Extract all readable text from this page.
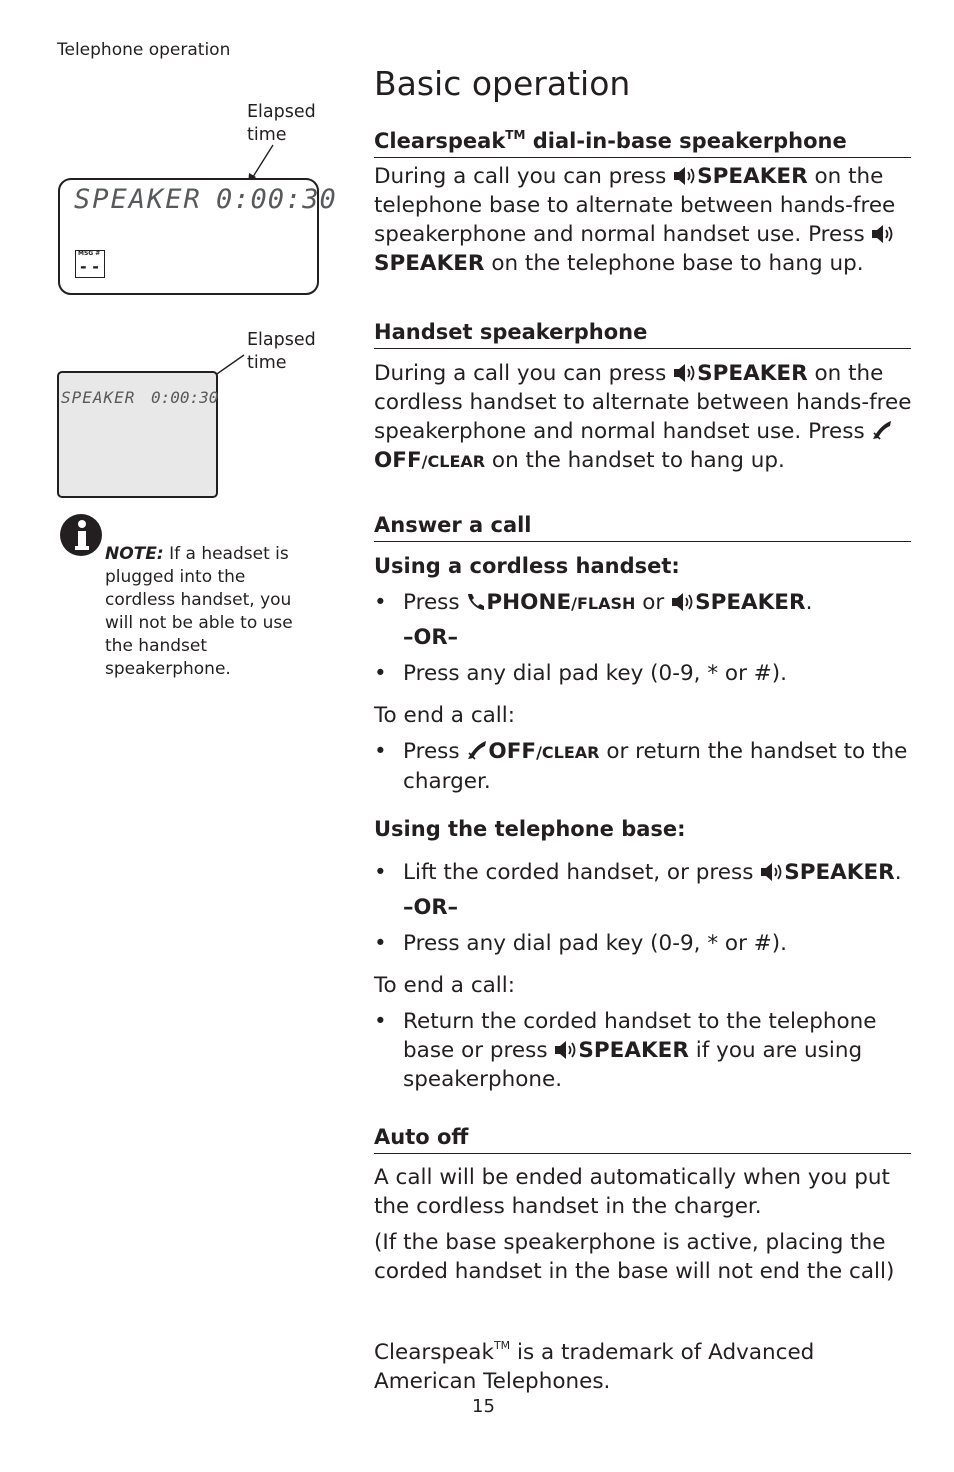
Telephone operation
Basic operation
Elapsed
time
SPEAKER 0:00:30
MSG #
- -
Elapsed
time
SPEAKER 0:00:30
NOTE: If a headset is plugged into the cordless handset, you will not be able to use the handset speakerphone.
Clearspeak™ dial-in-base speakerphone

During a call you can press SPEAKER on the telephone base to alternate between hands-free speakerphone and normal handset use. Press SPEAKER on the telephone base to hang up.

Handset speakerphone

During a call you can press SPEAKER on the cordless handset to alternate between hands-free speakerphone and normal handset use. Press OFF/CLEAR on the handset to hang up.

Answer a call
Using a cordless handset:
• Press PHONE/FLASH or SPEAKER.
–OR–
• Press any dial pad key (0-9, * or #).
To end a call:
• Press OFF/CLEAR or return the handset to the charger.
Using the telephone base:
• Lift the corded handset, or press SPEAKER.
–OR–
• Press any dial pad key (0-9, * or #).
To end a call:
• Return the corded handset to the telephone base or press SPEAKER if you are using speakerphone.
Auto off

A call will be ended automatically when you put the cordless handset in the charger.

(If the base speakerphone is active, placing the corded handset in the base will not end the call)

Clearspeak™ is a trademark of Advanced American Telephones.
15
